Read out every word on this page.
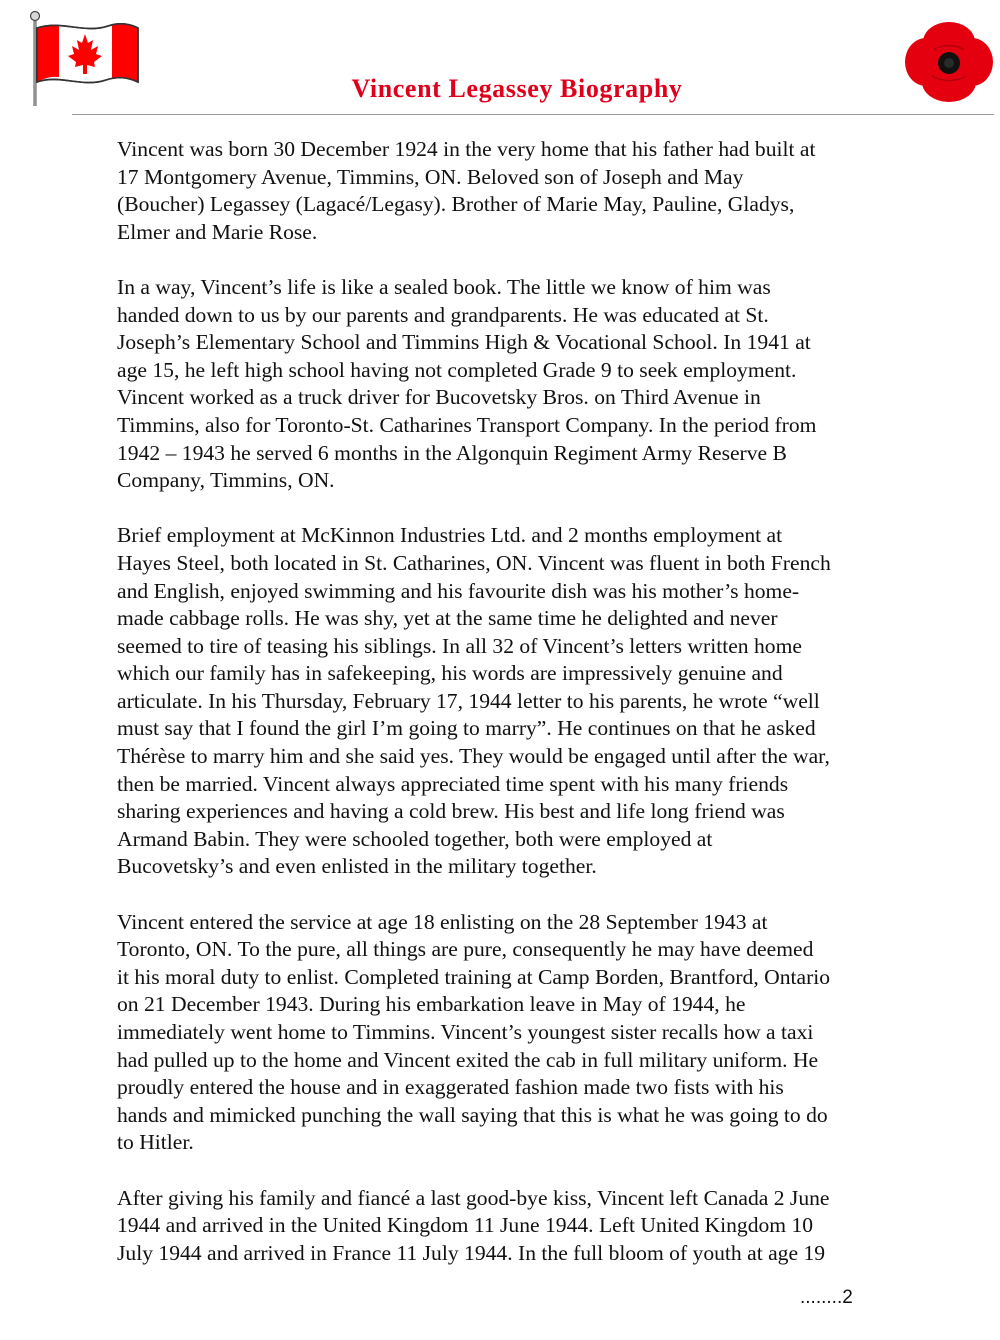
Vincent Legassey Biography

Vincent was born 30 December 1924 in the very home that his father had built at
17 Montgomery Avenue, Timmins, ON. Beloved son of Joseph and May
(Boucher) Legassey (Lagacé/Legasy). Brother of Marie May, Pauline, Gladys,
Elmer and Marie Rose.

In a way, Vincent’s life is like a sealed book. The little we know of him was
handed down to us by our parents and grandparents. He was educated at St.
Joseph’s Elementary School and Timmins High & Vocational School. In 1941 at
age 15, he left high school having not completed Grade 9 to seek employment.
Vincent worked as a truck driver for Bucovetsky Bros. on Third Avenue in
Timmins, also for Toronto-St. Catharines Transport Company. In the period from
1942 – 1943 he served 6 months in the Algonquin Regiment Army Reserve B
Company, Timmins, ON.

Brief employment at McKinnon Industries Ltd. and 2 months employment at
Hayes Steel, both located in St. Catharines, ON. Vincent was fluent in both French
and English, enjoyed swimming and his favourite dish was his mother’s home-
made cabbage rolls. He was shy, yet at the same time he delighted and never
seemed to tire of teasing his siblings. In all 32 of Vincent’s letters written home
which our family has in safekeeping, his words are impressively genuine and
articulate. In his Thursday, February 17, 1944 letter to his parents, he wrote “well
must say that I found the girl I’m going to marry”. He continues on that he asked
Thérèse to marry him and she said yes. They would be engaged until after the war,
then be married. Vincent always appreciated time spent with his many friends
sharing experiences and having a cold brew. His best and life long friend was
Armand Babin. They were schooled together, both were employed at
Bucovetsky’s and even enlisted in the military together.

Vincent entered the service at age 18 enlisting on the 28 September 1943 at
Toronto, ON. To the pure, all things are pure, consequently he may have deemed
it his moral duty to enlist. Completed training at Camp Borden, Brantford, Ontario
on 21 December 1943. During his embarkation leave in May of 1944, he
immediately went home to Timmins. Vincent’s youngest sister recalls how a taxi
had pulled up to the home and Vincent exited the cab in full military uniform. He
proudly entered the house and in exaggerated fashion made two fists with his
hands and mimicked punching the wall saying that this is what he was going to do
to Hitler.

After giving his family and fiancé a last good-bye kiss, Vincent left Canada 2 June
1944 and arrived in the United Kingdom 11 June 1944. Left United Kingdom 10
July 1944 and arrived in France 11 July 1944. In the full bloom of youth at age 19

........2
